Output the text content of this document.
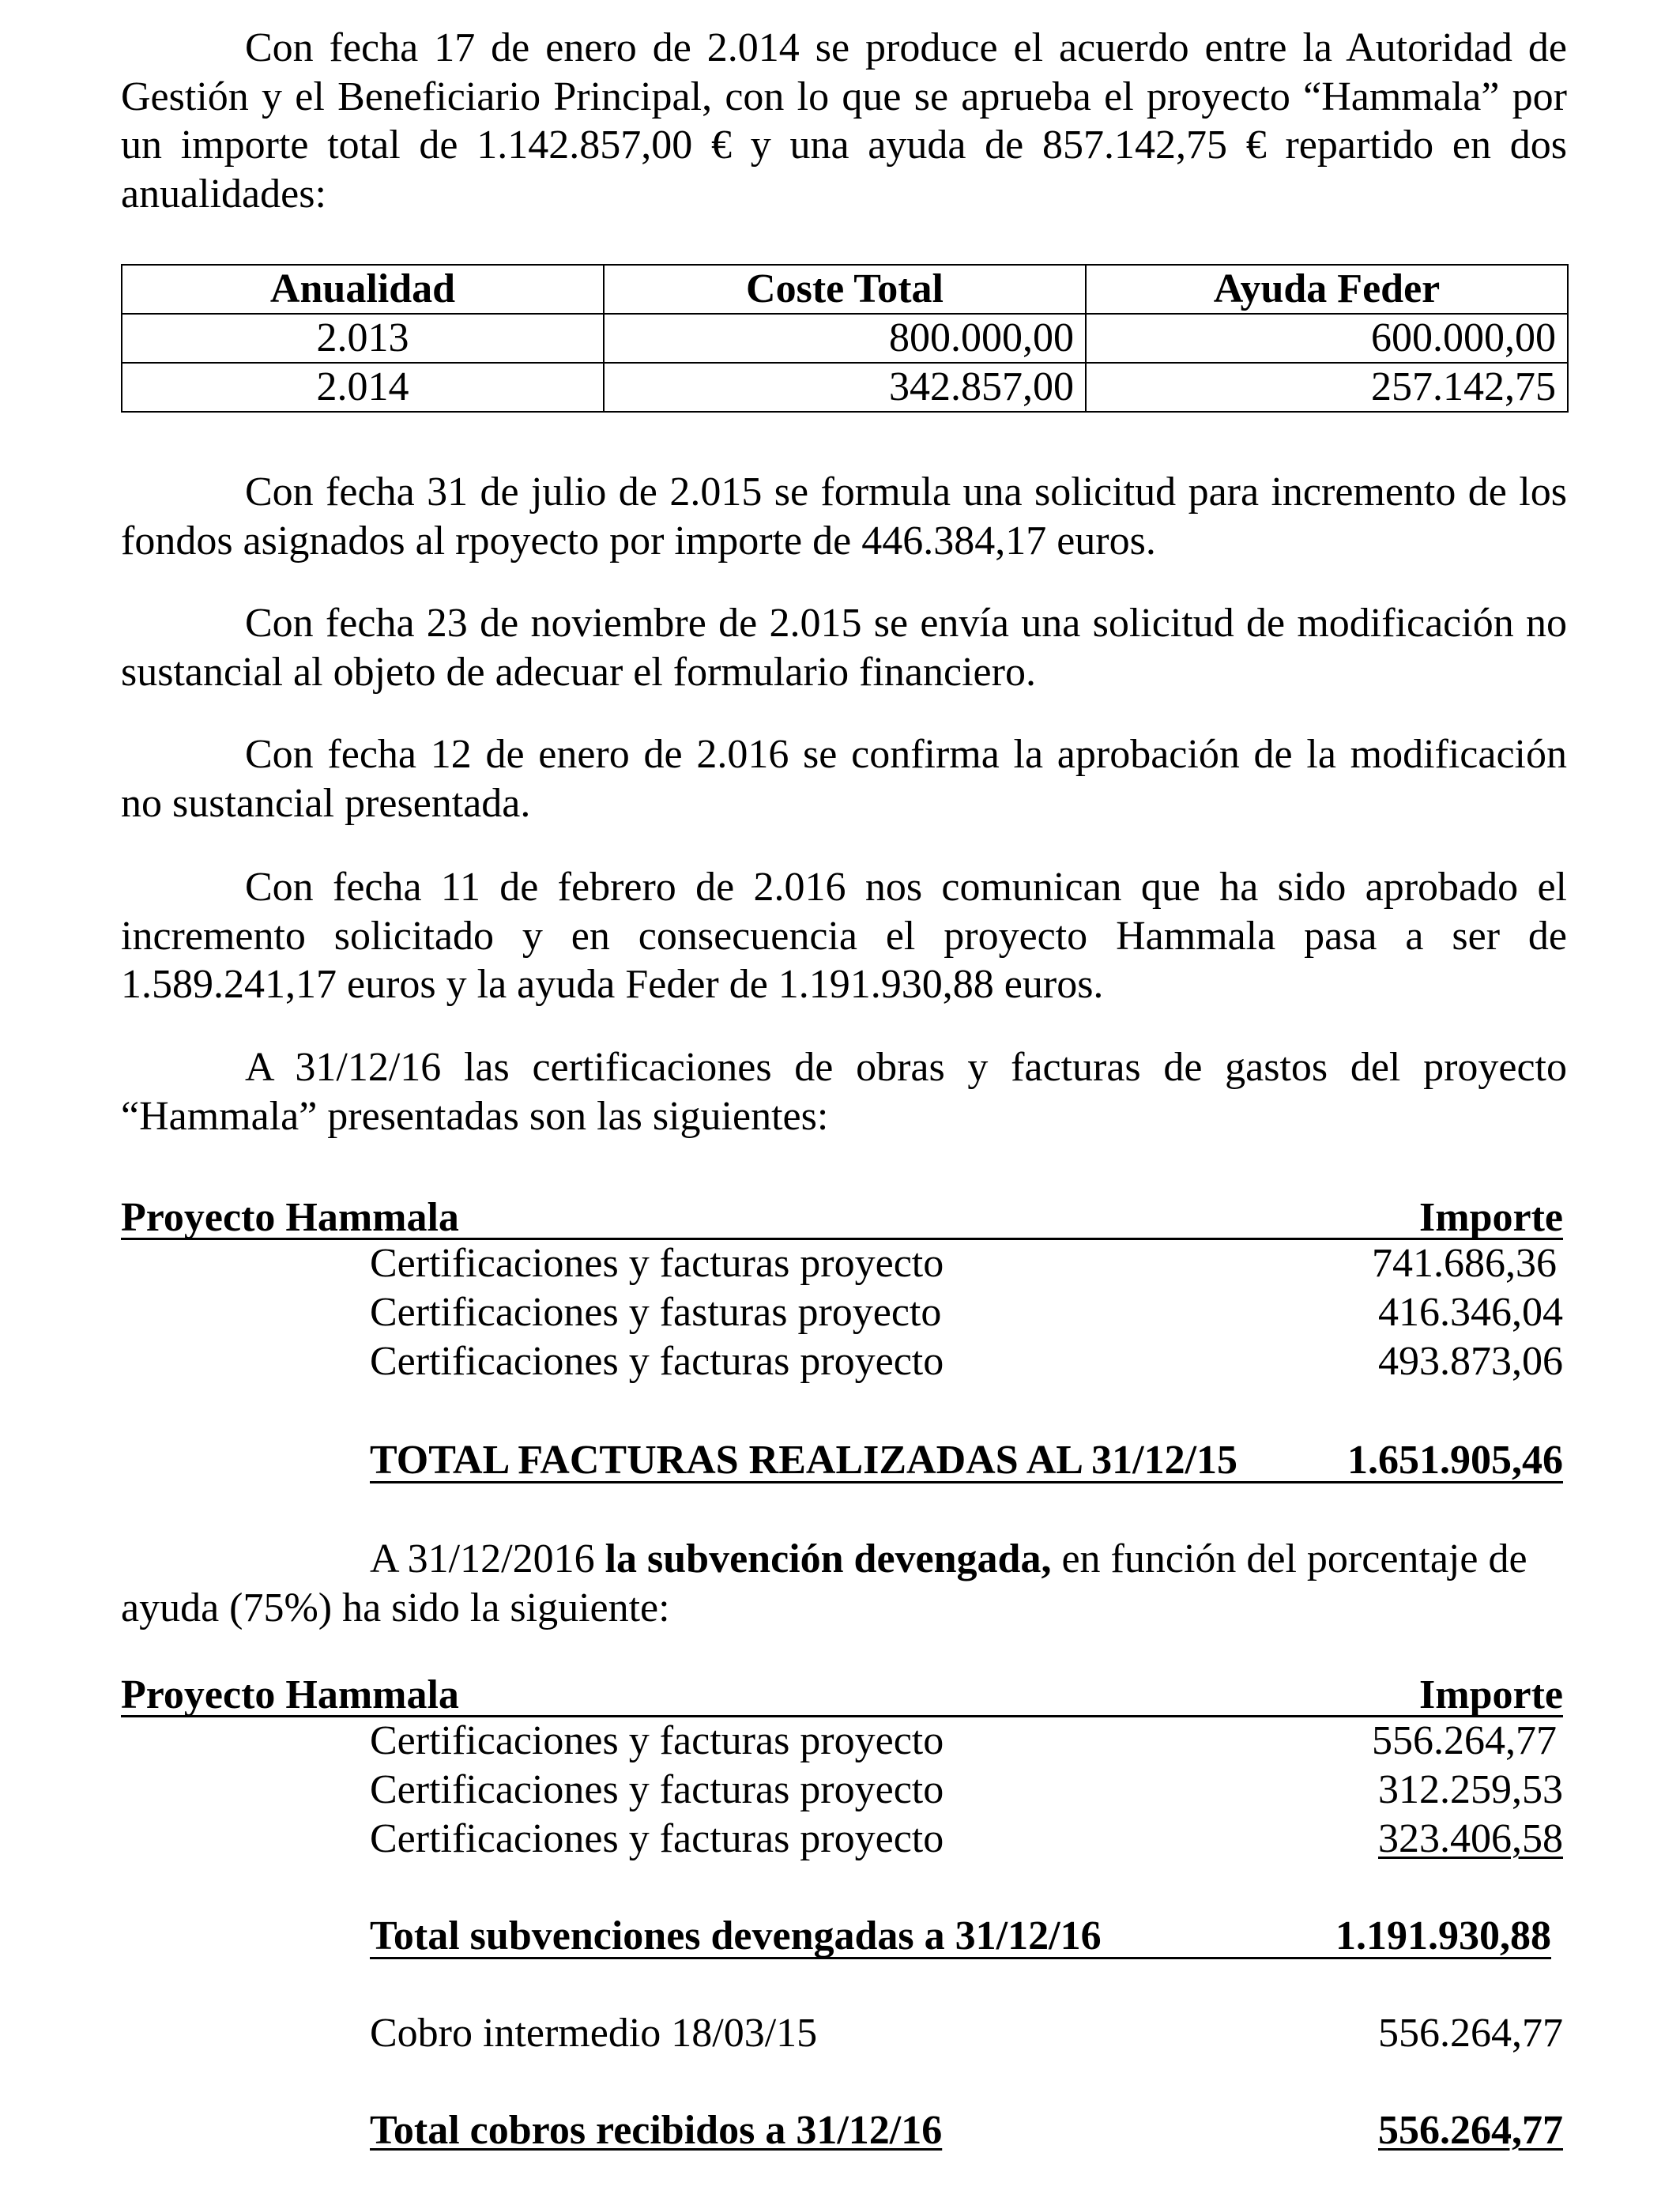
Con fecha 17 de enero de 2.014 se produce el acuerdo entre la Autoridad de Gestión y el Beneficiario Principal, con lo que se aprueba el proyecto “Hammala” por un importe total de 1.142.857,00 € y una ayuda de 857.142,75 € repartido en dos anualidades:

Anualidad	Coste Total	Ayuda Feder
2.013	800.000,00	600.000,00
2.014	342.857,00	257.142,75

Con fecha 31 de julio de 2.015 se formula una solicitud para incremento de los fondos asignados al rpoyecto por importe de 446.384,17 euros.

Con fecha 23 de noviembre de 2.015 se envía una solicitud de modificación no sustancial al objeto de adecuar el formulario financiero.

Con fecha 12 de enero de 2.016 se confirma la aprobación de la modificación no sustancial presentada.

Con fecha 11 de febrero de 2.016 nos comunican que ha sido aprobado el incremento solicitado y en consecuencia el proyecto Hammala pasa a ser de 1.589.241,17 euros y la ayuda Feder de 1.191.930,88 euros.

A 31/12/16 las certificaciones de obras y facturas de gastos del proyecto “Hammala” presentadas son las siguientes:

Proyecto Hammala	Importe
Certificaciones y facturas proyecto	741.686,36
Certificaciones y fasturas proyecto	416.346,04
Certificaciones y facturas proyecto	493.873,06
TOTAL FACTURAS REALIZADAS AL 31/12/15	1.651.905,46

A 31/12/2016 la subvención devengada, en función del porcentaje de ayuda (75%) ha sido la siguiente:

Proyecto Hammala	Importe
Certificaciones y facturas proyecto	556.264,77
Certificaciones y facturas proyecto	312.259,53
Certificaciones y facturas proyecto	323.406,58
Total subvenciones devengadas a 31/12/16	1.191.930,88
Cobro intermedio 18/03/15	556.264,77
Total cobros recibidos a 31/12/16	556.264,77
